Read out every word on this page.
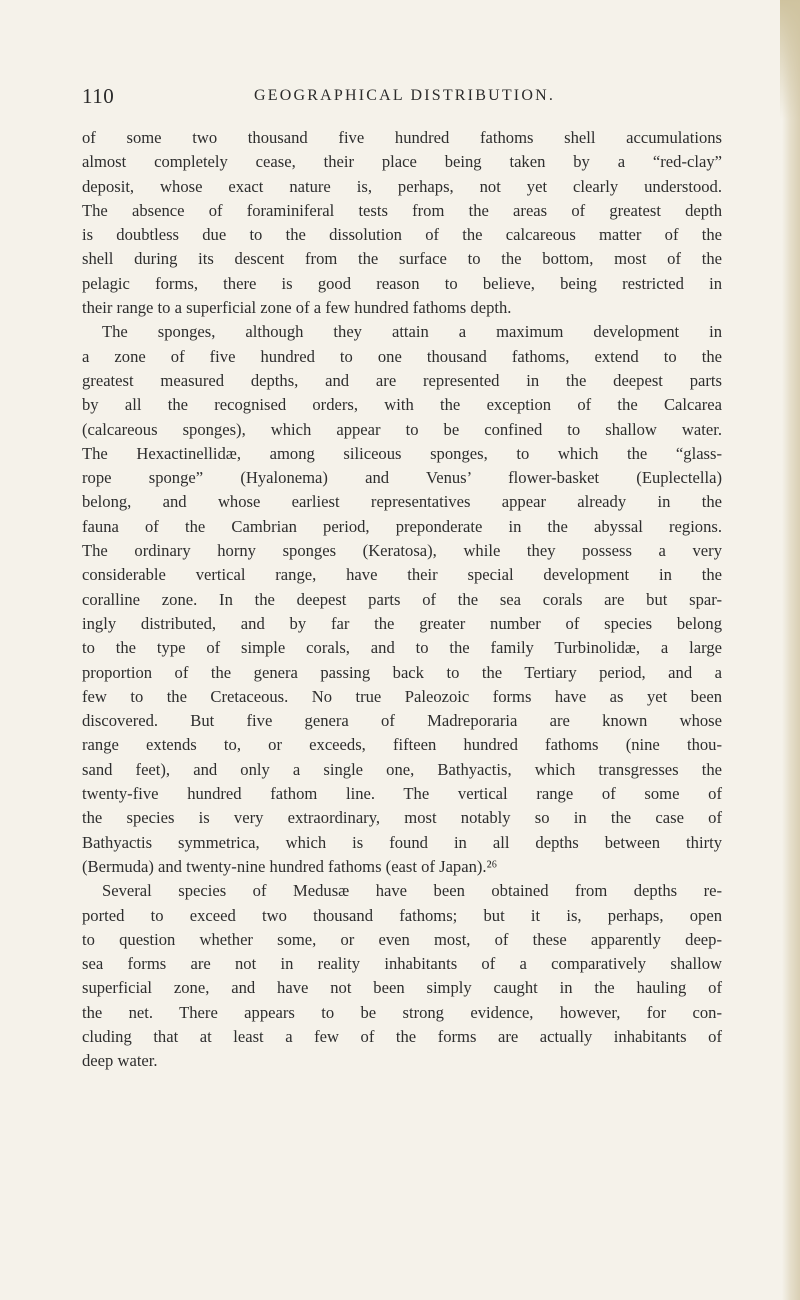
110	GEOGRAPHICAL DISTRIBUTION.
of some two thousand five hundred fathoms shell accumulations
almost completely cease, their place being taken by a “red-clay”
deposit, whose exact nature is, perhaps, not yet clearly understood.
The absence of foraminiferal tests from the areas of greatest depth
is doubtless due to the dissolution of the calcareous matter of the
shell during its descent from the surface to the bottom, most of the
pelagic forms, there is good reason to believe, being restricted in
their range to a superficial zone of a few hundred fathoms depth.
The sponges, although they attain a maximum development in
a zone of five hundred to one thousand fathoms, extend to the
greatest measured depths, and are represented in the deepest parts
by all the recognised orders, with the exception of the Calcarea
(calcareous sponges), which appear to be confined to shallow water.
The Hexactinellidæ, among siliceous sponges, to which the “glass-
rope sponge” (Hyalonema) and Venus’ flower-basket (Euplectella)
belong, and whose earliest representatives appear already in the
fauna of the Cambrian period, preponderate in the abyssal regions.
The ordinary horny sponges (Keratosa), while they possess a very
considerable vertical range, have their special development in the
coralline zone. In the deepest parts of the sea corals are but spar-
ingly distributed, and by far the greater number of species belong
to the type of simple corals, and to the family Turbinolidæ, a large
proportion of the genera passing back to the Tertiary period, and a
few to the Cretaceous. No true Paleozoic forms have as yet been
discovered. But five genera of Madreporaria are known whose
range extends to, or exceeds, fifteen hundred fathoms (nine thou-
sand feet), and only a single one, Bathyactis, which transgresses the
twenty-five hundred fathom line. The vertical range of some of
the species is very extraordinary, most notably so in the case of
Bathyactis symmetrica, which is found in all depths between thirty
(Bermuda) and twenty-nine hundred fathoms (east of Japan).²⁶
Several species of Medusæ have been obtained from depths re-
ported to exceed two thousand fathoms; but it is, perhaps, open
to question whether some, or even most, of these apparently deep-
sea forms are not in reality inhabitants of a comparatively shallow
superficial zone, and have not been simply caught in the hauling of
the net. There appears to be strong evidence, however, for con-
cluding that at least a few of the forms are actually inhabitants of
deep water.
